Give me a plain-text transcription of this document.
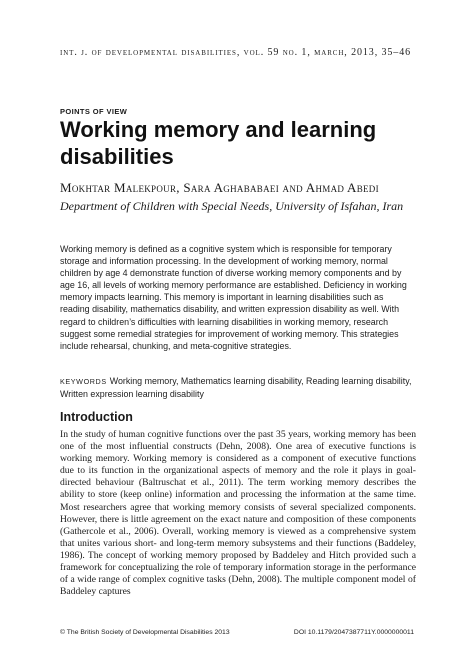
int. j. of developmental disabilities, vol. 59 no. 1, march, 2013, 35–46
POINTS OF VIEW
Working memory and learning disabilities
Mokhtar Malekpour, Sara Aghababaei and Ahmad Abedi
Department of Children with Special Needs, University of Isfahan, Iran

Working memory is defined as a cognitive system which is responsible for temporary storage and information processing. In the development of working memory, normal children by age 4 demonstrate function of diverse working memory components and by age 16, all levels of working memory performance are established. Deficiency in working memory impacts learning. This memory is important in learning disabilities such as reading disability, mathematics disability, and written expression disability as well. With regard to children’s difficulties with learning disabilities in working memory, research suggest some remedial strategies for improvement of working memory. This strategies include rehearsal, chunking, and meta-cognitive strategies.

KEYWORDS Working memory, Mathematics learning disability, Reading learning disability, Written expression learning disability
Introduction

In the study of human cognitive functions over the past 35 years, working memory has been one of the most influential constructs (Dehn, 2008). One area of executive functions is working memory. Working memory is considered as a component of executive functions due to its function in the organizational aspects of memory and the role it plays in goal-directed behaviour (Baltruschat et al., 2011). The term working memory describes the ability to store (keep online) information and processing the information at the same time. Most researchers agree that working memory consists of several specialized components. However, there is little agreement on the exact nature and composition of these components (Gathercole et al., 2006). Overall, working memory is viewed as a comprehensive system that unites various short- and long-term memory subsystems and their functions (Baddeley, 1986). The concept of working memory proposed by Baddeley and Hitch provided such a framework for conceptualizing the role of temporary information storage in the performance of a wide range of complex cognitive tasks (Dehn, 2008). The multiple component model of Baddeley captures

© The British Society of Developmental Disabilities 2013	DOI 10.1179/2047387711Y.0000000011
